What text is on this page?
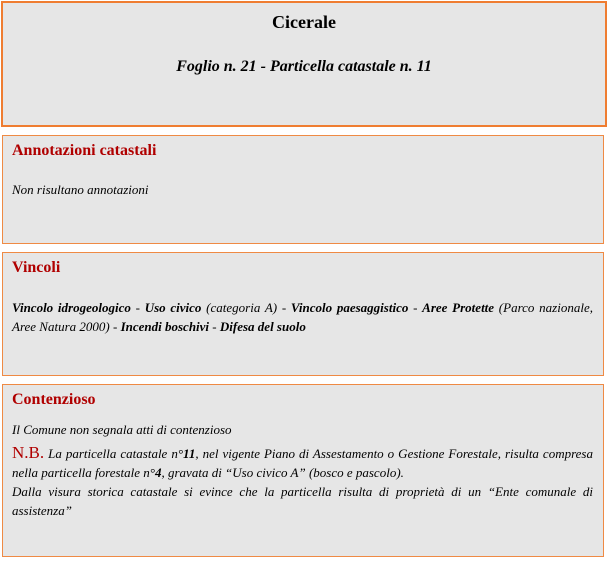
Cicerale
Foglio n. 21 - Particella catastale n. 11
Annotazioni catastali
Non risultano annotazioni
Vincoli
Vincolo idrogeologico - Uso civico (categoria A) - Vincolo paesaggistico - Aree Protette (Parco nazionale, Aree Natura 2000) - Incendi boschivi - Difesa del suolo
Contenzioso
Il Comune non segnala atti di contenzioso
N.B. La particella catastale n°11, nel vigente Piano di Assestamento o Gestione Forestale, risulta compresa nella particella forestale n°4, gravata di “Uso civico A” (bosco e pascolo).
Dalla visura storica catastale si evince che la particella risulta di proprietà di un “Ente comunale di assistenza”
